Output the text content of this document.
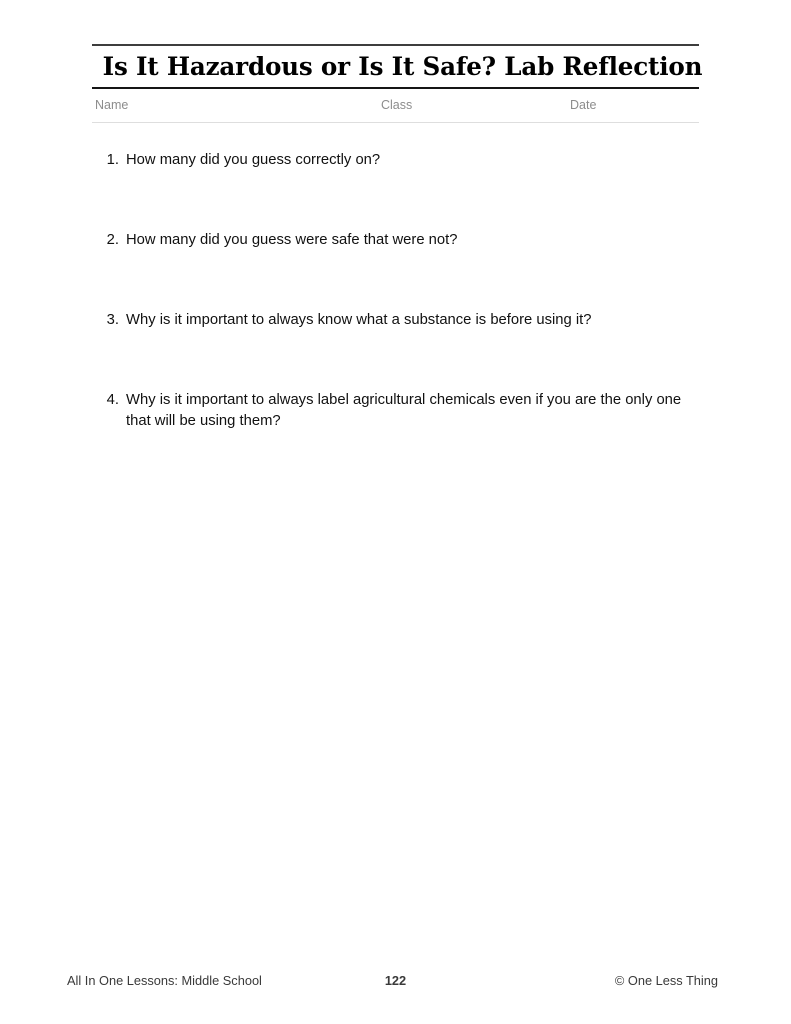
Is It Hazardous or Is It Safe? Lab Reflection
Name	Class	Date
1. How many did you guess correctly on?
2. How many did you guess were safe that were not?
3. Why is it important to always know what a substance is before using it?
4. Why is it important to always label agricultural chemicals even if you are the only one that will be using them?
All In One Lessons: Middle School	122	© One Less Thing
